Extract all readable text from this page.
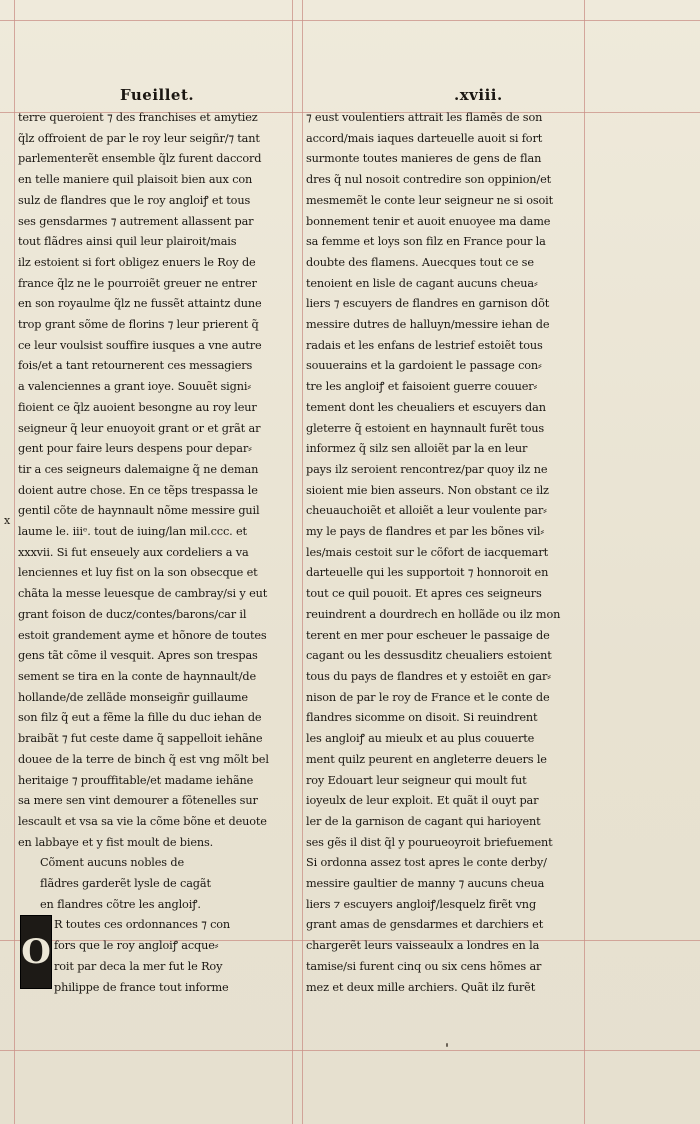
Fueillet.	.xviii.
x
terre queroient ⁊ des franchises et amytiez
q̃lz offroient de par le roy leur seigñr/⁊ tant
parlementerẽt ensemble q̃lz furent daccord
en telle maniere quil plaisoit bien aux con
sulz de flandres que le roy angloiꝭ et tous
ses gensdarmes ⁊ autrement allassent par
tout flãdres ainsi quil leur plairoit/mais
ilz estoient si fort obligez enuers le Roy de
france q̃lz ne le pourroiẽt greuer ne entrer
en son royaulme q̃lz ne fussẽt attaintz dune
trop grant sõme de florins ⁊ leur prierent q̃
ce leur voulsist souffire iusques a vne autre
fois/et a tant retournerent ces messagiers
a valenciennes a grant ioye. Souuẽt signi⸗
fioient ce q̃lz auoient besongne au roy leur
seigneur q̃ leur enuoyoit grant or et grãt ar
gent pour faire leurs despens pour depar⸗
tir a ces seigneurs dalemaigne q̃ ne deman
doient autre chose. En ce tẽps trespassa le
gentil cõte de haynnault nõme messire guil
laume le. iiiᵉ. tout de iuing/lan mil.ccc. et
xxxvii. Si fut enseuely aux cordeliers a va
lenciennes et luy fist on la son obsecque et
chãta la messe leuesque de cambray/si y eut
grant foison de ducz/contes/barons/car il
estoit grandement ayme et hõnore de toutes
gens tãt cõme il vesquit. Apres son trespas
sement se tira en la conte de haynnault/de
hollande/de zellãde monseigñr guillaume
son filz q̃ eut a fẽme la fille du duc iehan de
braibãt ⁊ fut ceste dame q̃ sappelloit iehãne
douee de la terre de binch q̃ est vng mõlt bel
heritaige ⁊ prouffitable/et madame iehãne
sa mere sen vint demourer a fõtenelles sur
lescault et vsa sa vie la cõme bõne et deuote
en labbaye et y fist moult de biens.
Cõment aucuns nobles de
flãdres garderẽt lysle de cagãt
en flandres cõtre les angloiꝭ.
O
R toutes ces ordonnances ⁊ con
fors que le roy angloiꝭ acque⸗
roit par deca la mer fut le Roy
philippe de france tout informe
⁊ eust voulentiers attrait les flamẽs de son
accord/mais iaques darteuelle auoit si fort
surmonte toutes manieres de gens de flan
dres q̃ nul nosoit contredire son oppinion/et
mesmemẽt le conte leur seigneur ne si osoit
bonnement tenir et auoit enuoyee ma dame
sa femme et loys son filz en France pour la
doubte des flamens. Auecques tout ce se
tenoient en lisle de cagant aucuns cheua⸗
liers ⁊ escuyers de flandres en garnison dõt
messire dutres de halluyn/messire iehan de
radais et les enfans de lestrief estoiẽt tous
souuerains et la gardoient le passage con⸗
tre les angloiꝭ et faisoient guerre couuer⸗
tement dont les cheualiers et escuyers dan
gleterre q̃ estoient en haynnault furẽt tous
informez q̃ silz sen alloiẽt par la en leur
pays ilz seroient rencontrez/par quoy ilz ne
sioient mie bien asseurs. Non obstant ce ilz
cheuauchoiẽt et alloiẽt a leur voulente par⸗
my le pays de flandres et par les bõnes vil⸗
les/mais cestoit sur le cõfort de iacquemart
darteuelle qui les supportoit ⁊ honnoroit en
tout ce quil pouoit. Et apres ces seigneurs
reuindrent a dourdrech en hollãde ou ilz mon
terent en mer pour escheuer le passaige de
cagant ou les dessusditz cheualiers estoient
tous du pays de flandres et y estoiẽt en gar⸗
nison de par le roy de France et le conte de
flandres sicomme on disoit. Si reuindrent
les angloiꝭ au mieulx et au plus couuerte
ment quilz peurent en angleterre deuers le
roy Edouart leur seigneur qui moult fut
ioyeulx de leur exploit. Et quãt il ouyt par
ler de la garnison de cagant qui harioyent
ses gẽs il dist q̃l y pourueoyroit briefuement
Si ordonna assez tost apres le conte derby/
messire gaultier de manny ⁊ aucuns cheua
liers ⁊ escuyers angloiꝭ/lesquelz firẽt vng
grant amas de gensdarmes et darchiers et
chargerẽt leurs vaisseaulx a londres en la
tamise/si furent cinq ou six cens hõmes ar
mez et deux mille archiers. Quãt ilz furẽt
